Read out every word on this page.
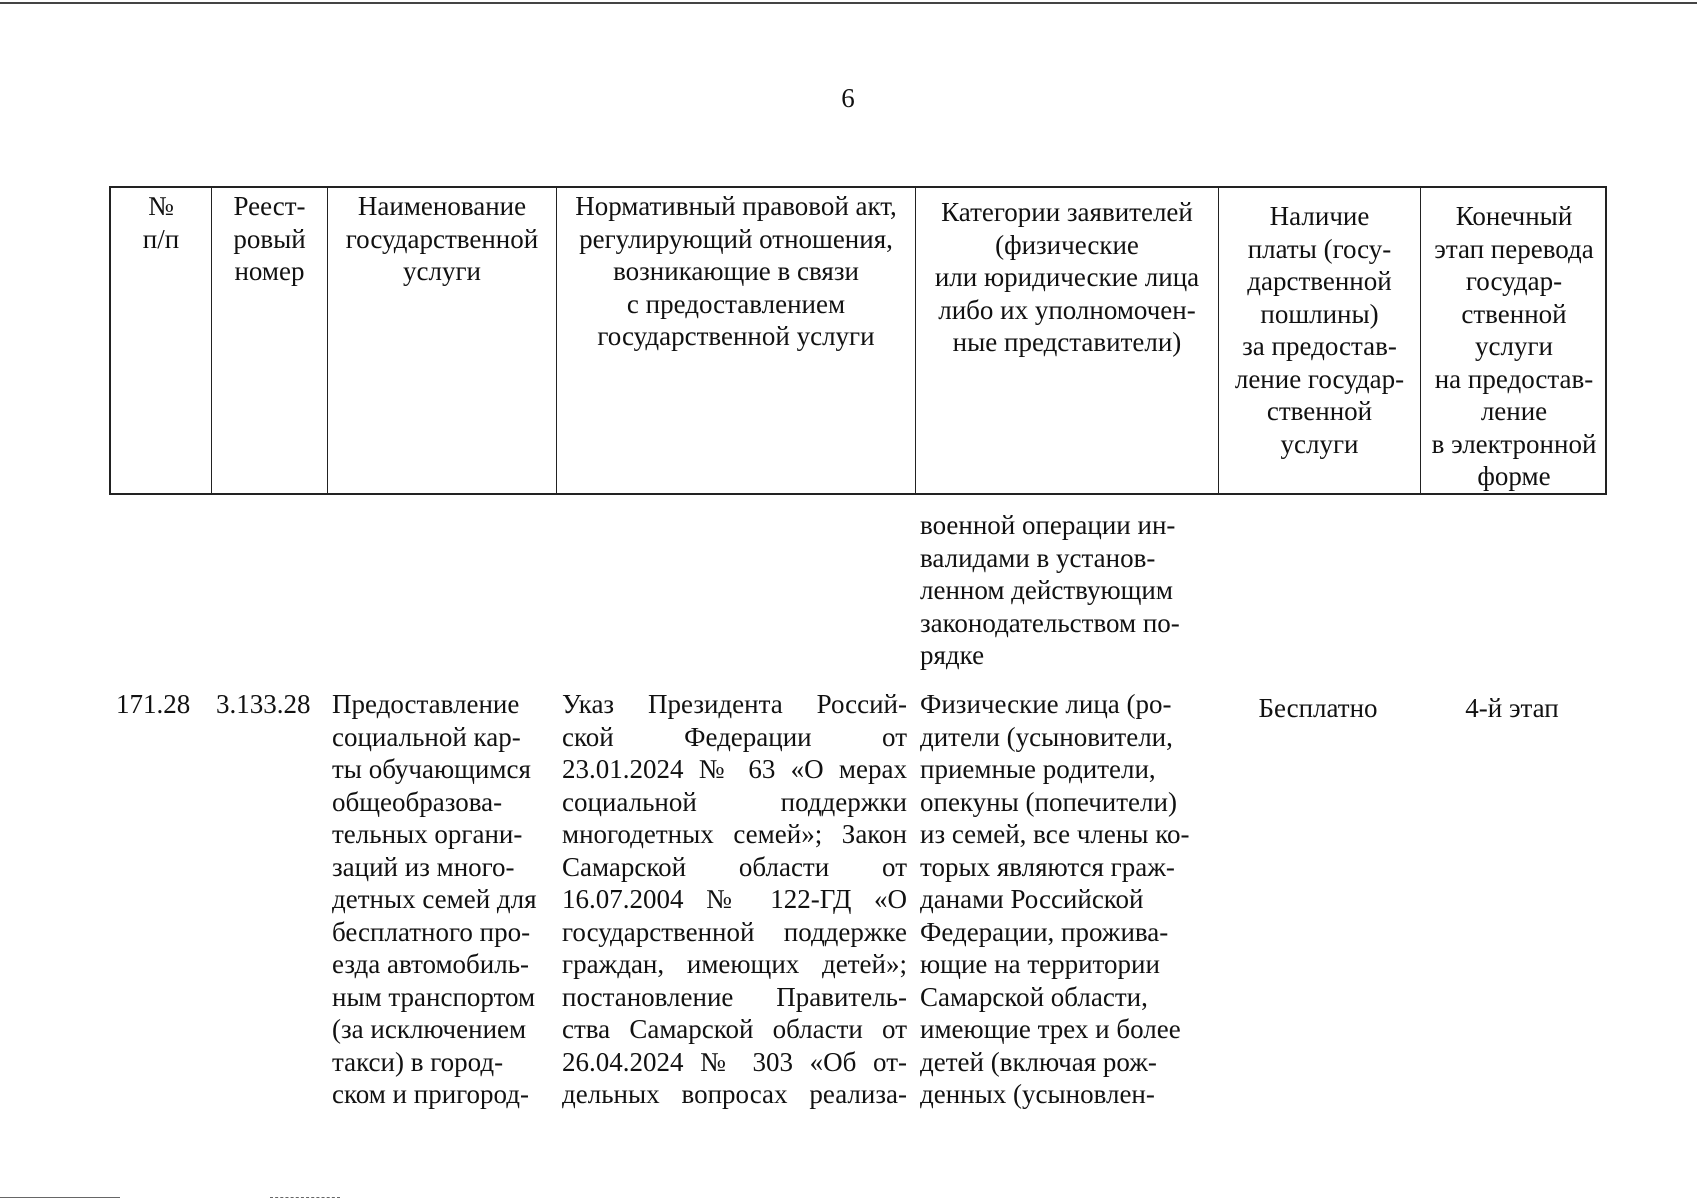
6
№
п/п
Реест-
ровый
номер
Наименование
государственной
услуги
Нормативный правовой акт,
регулирующий отношения,
возникающие в связи
с предоставлением
государственной услуги
Категории заявителей
(физические
или юридические лица
либо их уполномочен-
ные представители)
Наличие
платы (госу-
дарственной
пошлины)
за предостав-
ление государ-
ственной
услуги
Конечный
этап перевода
государ-
ственной
услуги
на предостав-
ление
в электронной
форме
военной операции ин-
валидами в установ-
ленном действующим
законодательством по-
рядке
171.28 3.133.28 Предоставление
социальной кар-
ты обучающимся
общеобразова-
тельных органи-
заций из много-
детных семей для
бесплатного про-
езда автомобиль-
ным транспортом
(за исключением
такси) в город-
ском и пригород-
Указ Президента Россий-
ской Федерации от
23.01.2024 № 63 «О мерах
социальной поддержки
многодетных семей»; Закон
Самарской области от
16.07.2004 № 122-ГД «О
государственной поддержке
граждан, имеющих детей»;
постановление Правитель-
ства Самарской области от
26.04.2024 № 303 «Об от-
дельных вопросах реализа-
Физические лица (ро-
дители (усыновители,
приемные родители,
опекуны (попечители)
из семей, все члены ко-
торых являются граж-
данами Российской
Федерации, прожива-
ющие на территории
Самарской области,
имеющие трех и более
детей (включая рож-
денных (усыновлен-
Бесплатно	4-й этап
